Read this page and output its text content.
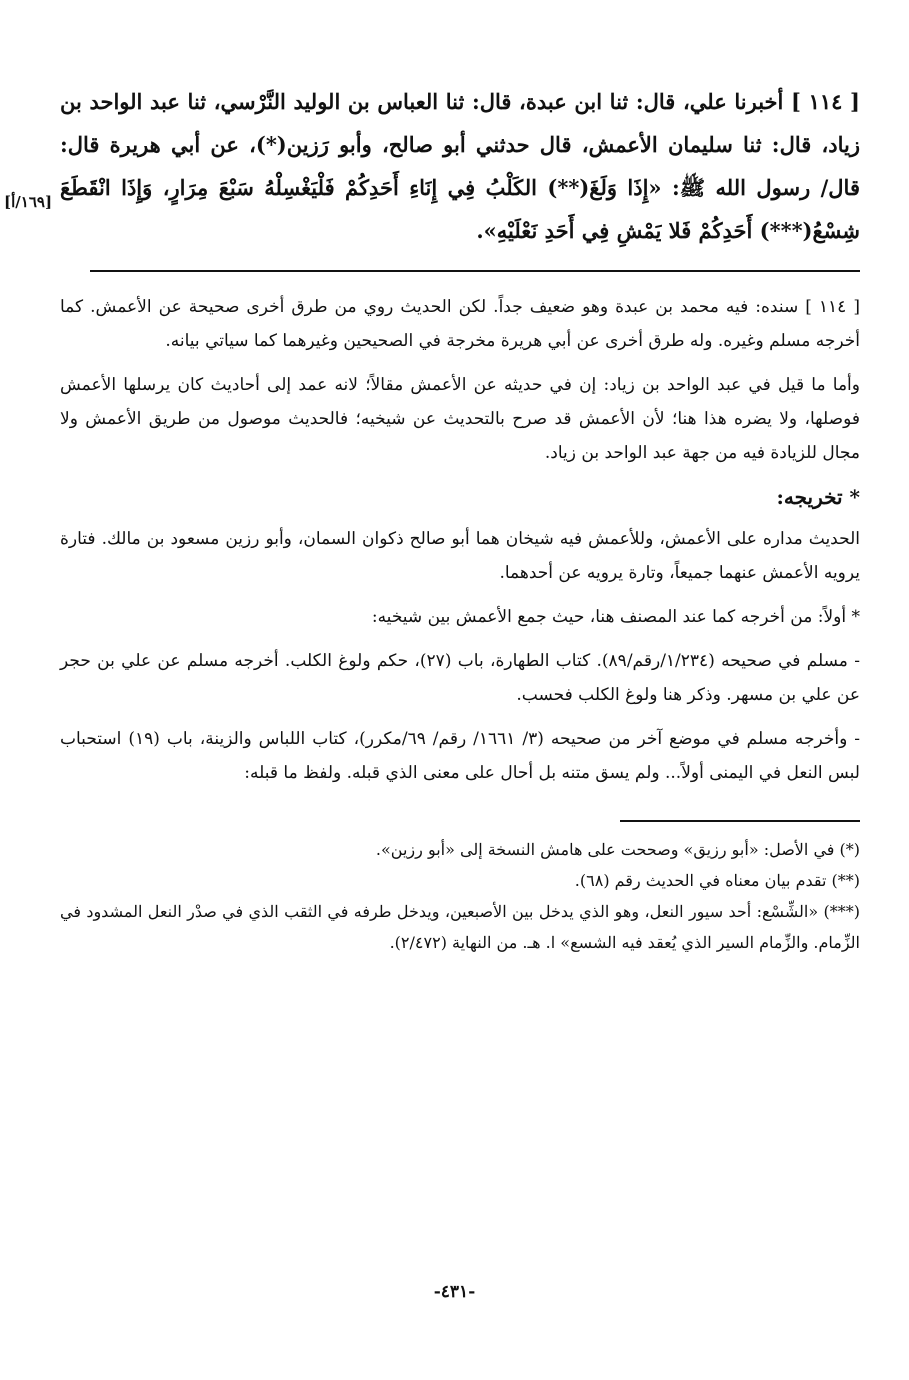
[١٦٩/أ]

[ ١١٤ ] أخبرنا علي، قال: ثنا ابن عبدة، قال: ثنا العباس بن الوليد النَّرْسي، ثنا عبد الواحد بن زياد، قال: ثنا سليمان الأعمش، قال حدثني أبو صالح، وأبو رَزين(*)، عن أبي هريرة قال: قال/ رسول الله ﷺ: «إِذَا وَلَغَ(**) الكَلْبُ فِي إِنَاءِ أَحَدِكُمْ فَلْيَغْسِلْهُ سَبْعَ مِرَارٍ، وَإِذَا انْقَطَعَ شِسْعُ(***) أَحَدِكُمْ فَلا يَمْشِ فِي أَحَدِ نَعْلَيْهِ».

[ ١١٤ ] سنده: فيه محمد بن عبدة وهو ضعيف جداً. لكن الحديث روي من طرق أخرى صحيحة عن الأعمش. كما أخرجه مسلم وغيره. وله طرق أخرى عن أبي هريرة مخرجة في الصحيحين وغيرهما كما سياتي بيانه.

وأما ما قيل في عبد الواحد بن زياد: إن في حديثه عن الأعمش مقالاً؛ لانه عمد إلى أحاديث كان يرسلها الأعمش فوصلها، ولا يضره هذا هنا؛ لأن الأعمش قد صرح بالتحديث عن شيخيه؛ فالحديث موصول من طريق الأعمش ولا مجال للزيادة فيه من جهة عبد الواحد بن زياد.

* تخريجه:

الحديث مداره على الأعمش، وللأعمش فيه شيخان هما أبو صالح ذكوان السمان، وأبو رزين مسعود بن مالك. فتارة يرويه الأعمش عنهما جميعاً، وتارة يرويه عن أحدهما.

* أولاً: من أخرجه كما عند المصنف هنا، حيث جمع الأعمش بين شيخيه:

- مسلم في صحيحه (١/٢٣٤/رقم/٨٩). كتاب الطهارة، باب (٢٧)، حكم ولوغ الكلب. أخرجه مسلم عن علي بن حجر عن علي بن مسهر. وذكر هنا ولوغ الكلب فحسب.

- وأخرجه مسلم في موضع آخر من صحيحه (٣/ ١٦٦١/ رقم/ ٦٩/مكرر)، كتاب اللباس والزينة، باب (١٩) استحباب لبس النعل في اليمنى أولاً... ولم يسق متنه بل أحال على معنى الذي قبله. ولفظ ما قبله:

(*) في الأصل: «أبو رزيق» وصححت على هامش النسخة إلى «أبو رزين».

(**) تقدم بيان معناه في الحديث رقم (٦٨).

(***) «الشِّسْع: أحد سيور النعل، وهو الذي يدخل بين الأصبعين، ويدخل طرفه في الثقب الذي في صدْر النعل المشدود في الزِّمام. والزِّمام السير الذي يُعقد فيه الشسع» ا. هـ. من النهاية (٢/٤٧٢).

-٤٣١-
